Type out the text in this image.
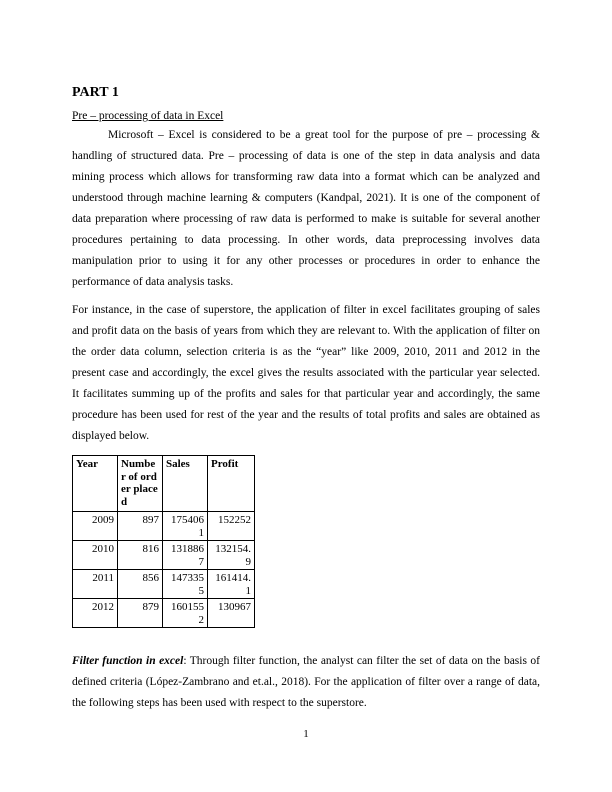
PART 1
Pre – processing of data in Excel

Microsoft – Excel is considered to be a great tool for the purpose of pre – processing & handling of structured data. Pre – processing of data is one of the step in data analysis and data mining process which allows for transforming raw data into a format which can be analyzed and understood through machine learning & computers (Kandpal, 2021). It is one of the component of data preparation where processing of raw data is performed to make is suitable for several another procedures pertaining to data processing. In other words, data preprocessing involves data manipulation prior to using it for any other processes or procedures in order to enhance the performance of data analysis tasks.

For instance, in the case of superstore, the application of filter in excel facilitates grouping of sales and profit data on the basis of years from which they are relevant to. With the application of filter on the order data column, selection criteria is as the “year” like 2009, 2010, 2011 and 2012 in the present case and accordingly, the excel gives the results associated with the particular year selected. It facilitates summing up of the profits and sales for that particular year and accordingly, the same procedure has been used for rest of the year and the results of total profits and sales are obtained as displayed below.

Year	Number of order placed	Sales	Profit
2009	897	1754061	152252
2010	816	1318867	132154.9
2011	856	1473355	161414.1
2012	879	1601552	130967

Filter function in excel: Through filter function, the analyst can filter the set of data on the basis of defined criteria (López-Zambrano and et.al., 2018). For the application of filter over a range of data, the following steps has been used with respect to the superstore.

1
